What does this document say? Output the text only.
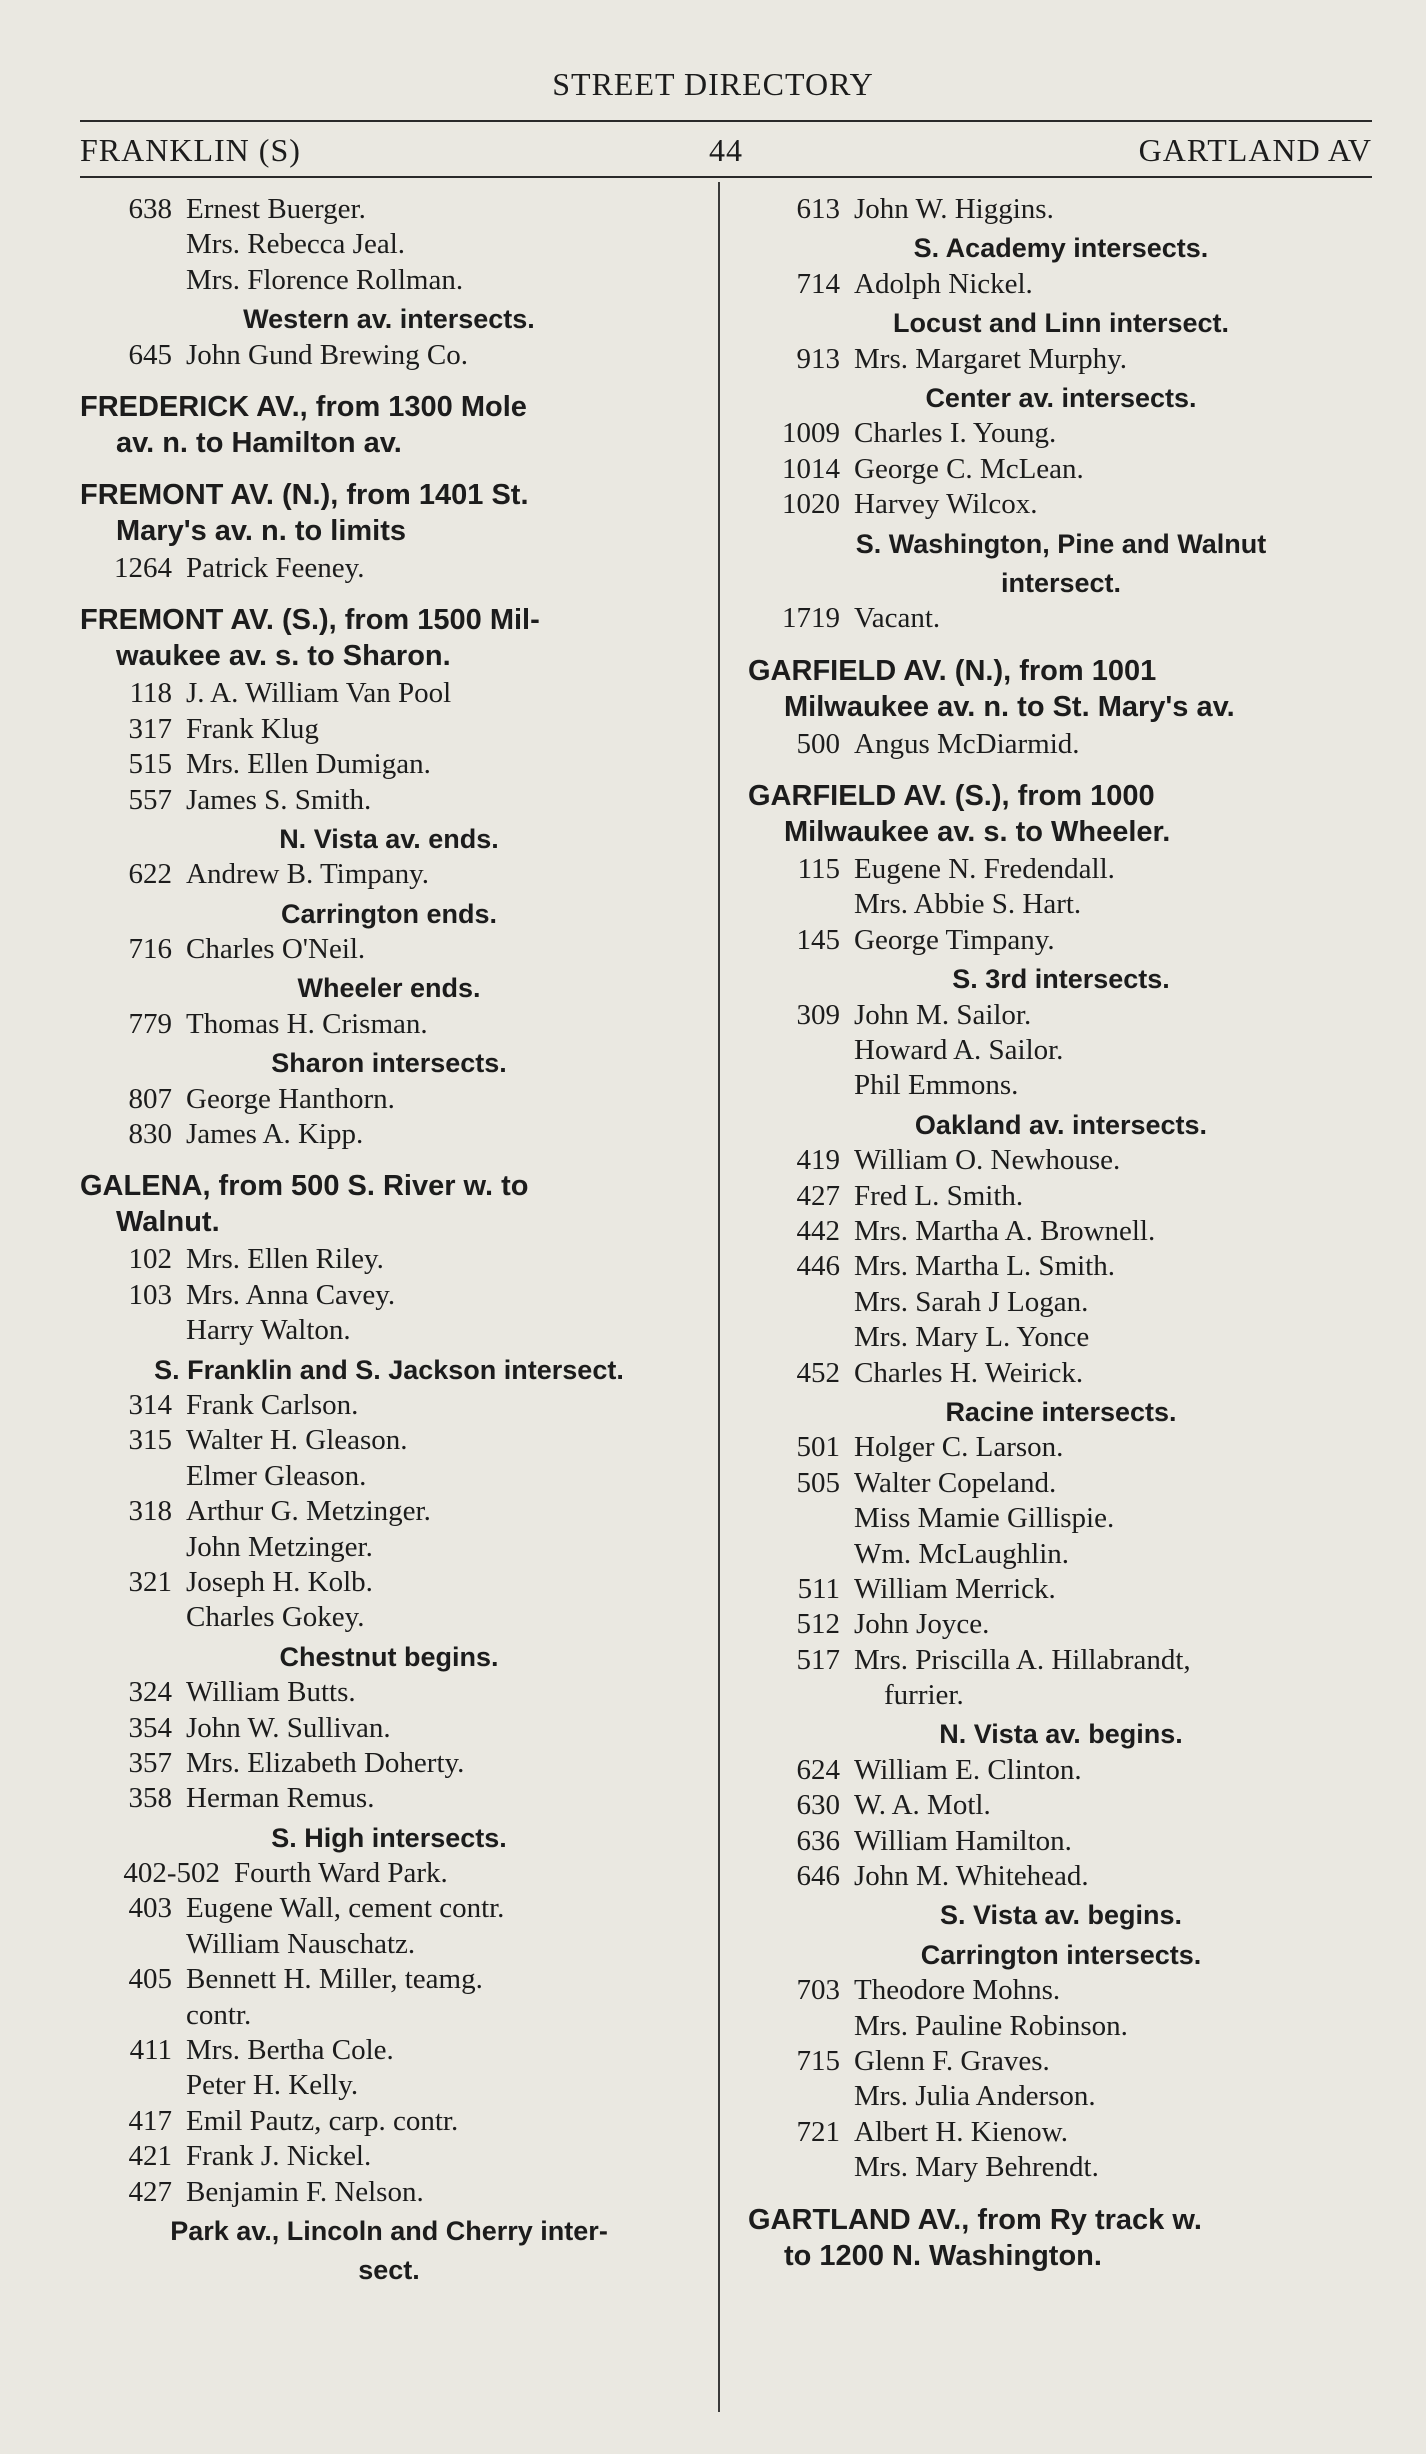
STREET DIRECTORY
FRANKLIN (S)	44	GARTLAND AV
638 Ernest Buerger.
Mrs. Rebecca Jeal.
Mrs. Florence Rollman.
Western av. intersects.
645 John Gund Brewing Co.
FREDERICK AV., from 1300 Mole
av. n. to Hamilton av.
FREMONT AV. (N.), from 1401 St.
Mary's av. n. to limits
1264 Patrick Feeney.
FREMONT AV. (S.), from 1500 Mil-
waukee av. s. to Sharon.
118 J. A. William Van Pool
317 Frank Klug
515 Mrs. Ellen Dumigan.
557 James S. Smith.
N. Vista av. ends.
622 Andrew B. Timpany.
Carrington ends.
716 Charles O'Neil.
Wheeler ends.
779 Thomas H. Crisman.
Sharon intersects.
807 George Hanthorn.
830 James A. Kipp.
GALENA, from 500 S. River w. to
Walnut.
102 Mrs. Ellen Riley.
103 Mrs. Anna Cavey.
Harry Walton.
S. Franklin and S. Jackson intersect.
314 Frank Carlson.
315 Walter H. Gleason.
Elmer Gleason.
318 Arthur G. Metzinger.
John Metzinger.
321 Joseph H. Kolb.
Charles Gokey.
Chestnut begins.
324 William Butts.
354 John W. Sullivan.
357 Mrs. Elizabeth Doherty.
358 Herman Remus.
S. High intersects.
402-502 Fourth Ward Park.
403 Eugene Wall, cement contr.
William Nauschatz.
405 Bennett H. Miller, teamg.
contr.
411 Mrs. Bertha Cole.
Peter H. Kelly.
417 Emil Pautz, carp. contr.
421 Frank J. Nickel.
427 Benjamin F. Nelson.
Park av., Lincoln and Cherry inter-
sect.
613 John W. Higgins.
S. Academy intersects.
714 Adolph Nickel.
Locust and Linn intersect.
913 Mrs. Margaret Murphy.
Center av. intersects.
1009 Charles I. Young.
1014 George C. McLean.
1020 Harvey Wilcox.
S. Washington, Pine and Walnut
intersect.
1719 Vacant.
GARFIELD AV. (N.), from 1001
Milwaukee av. n. to St. Mary's av.
500 Angus McDiarmid.
GARFIELD AV. (S.), from 1000
Milwaukee av. s. to Wheeler.
115 Eugene N. Fredendall.
Mrs. Abbie S. Hart.
145 George Timpany.
S. 3rd intersects.
309 John M. Sailor.
Howard A. Sailor.
Phil Emmons.
Oakland av. intersects.
419 William O. Newhouse.
427 Fred L. Smith.
442 Mrs. Martha A. Brownell.
446 Mrs. Martha L. Smith.
Mrs. Sarah J Logan.
Mrs. Mary L. Yonce
452 Charles H. Weirick.
Racine intersects.
501 Holger C. Larson.
505 Walter Copeland.
Miss Mamie Gillispie.
Wm. McLaughlin.
511 William Merrick.
512 John Joyce.
517 Mrs. Priscilla A. Hillabrandt,
furrier.
N. Vista av. begins.
624 William E. Clinton.
630 W. A. Motl.
636 William Hamilton.
646 John M. Whitehead.
S. Vista av. begins.
Carrington intersects.
703 Theodore Mohns.
Mrs. Pauline Robinson.
715 Glenn F. Graves.
Mrs. Julia Anderson.
721 Albert H. Kienow.
Mrs. Mary Behrendt.
GARTLAND AV., from Ry track w.
to 1200 N. Washington.
